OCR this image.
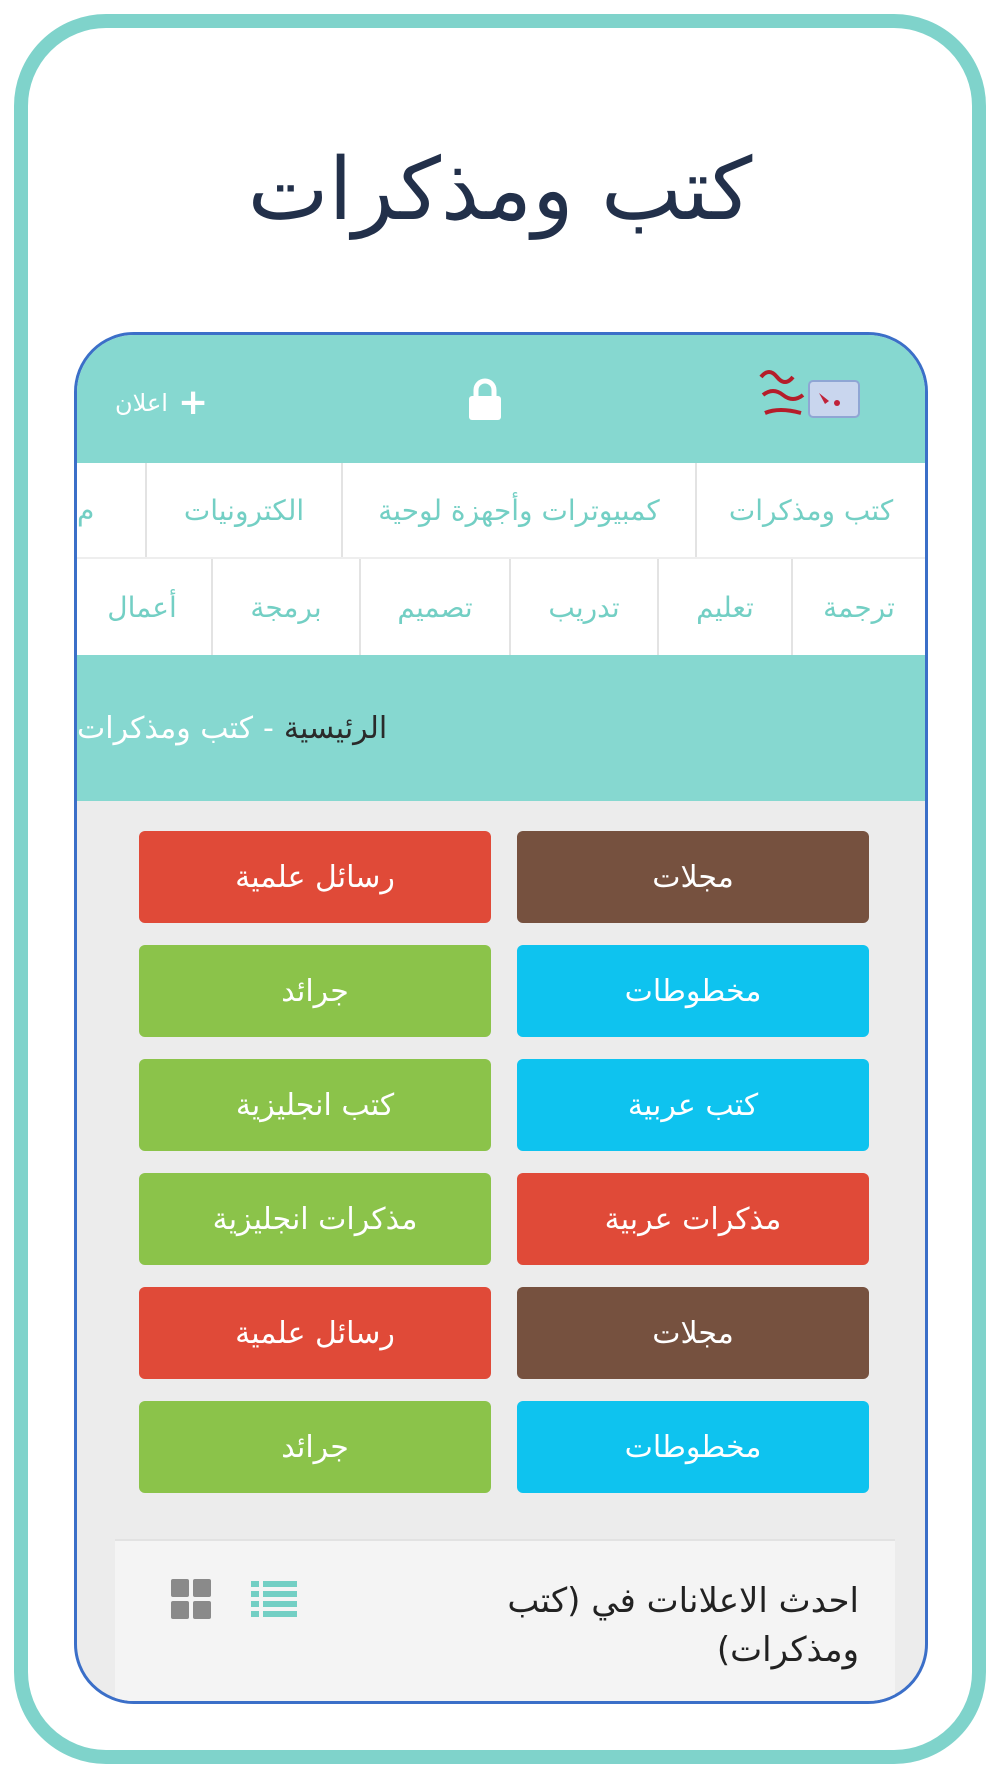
كتب ومذكرات
+
اعلان
كتب ومذكرات
كمبيوترات وأجهزة لوحية
الكترونيات
م
ترجمة
تعليم
تدريب
تصميم
برمجة
أعمال
الرئيسية
-
كتب ومذكرات
مجلات
رسائل علمية
مخطوطات
جرائد
كتب عربية
كتب انجليزية
مذكرات عربية
مذكرات انجليزية
مجلات
رسائل علمية
مخطوطات
جرائد
احدث الاعلانات في (كتب ومذكرات)
